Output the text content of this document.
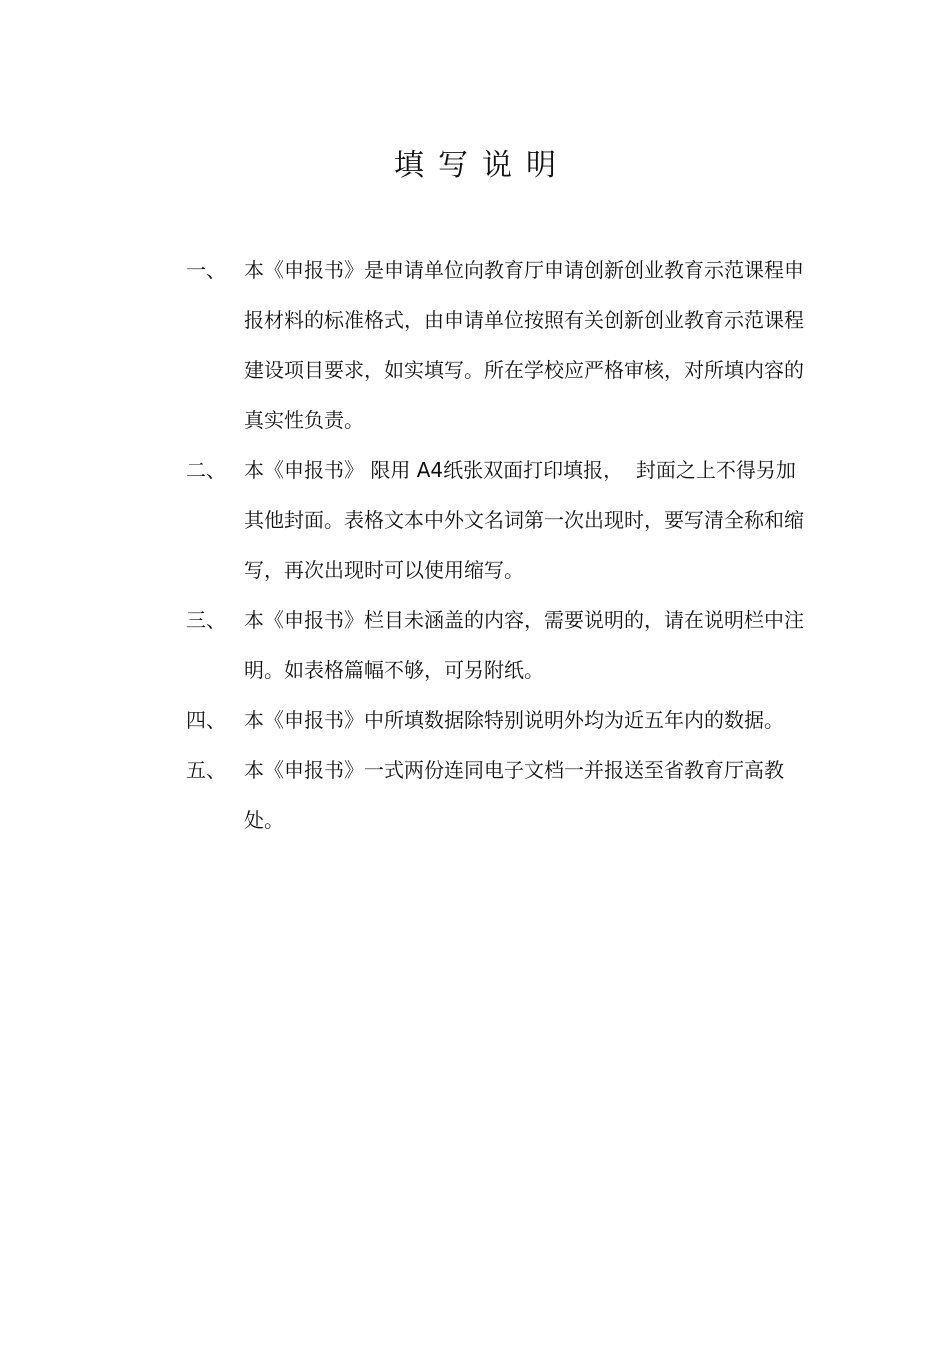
填写说明
一、 本《申报书》是申请单位向教育厅申请创新创业教育示范课程申报材料的标准格式，由申请单位按照有关创新创业教育示范课程建设项目要求，如实填写。所在学校应严格审核，对所填内容的真实性负责。
二、 本《申报书》 限用 A4纸张双面打印填报，  封面之上不得另加其他封面。表格文本中外文名词第一次出现时，要写清全称和缩写，再次出现时可以使用缩写。
三、 本《申报书》栏目未涵盖的内容，需要说明的，请在说明栏中注明。如表格篇幅不够，可另附纸。
四、 本《申报书》中所填数据除特别说明外均为近五年内的数据。
五、 本《申报书》一式两份连同电子文档一并报送至省教育厅高教处。
